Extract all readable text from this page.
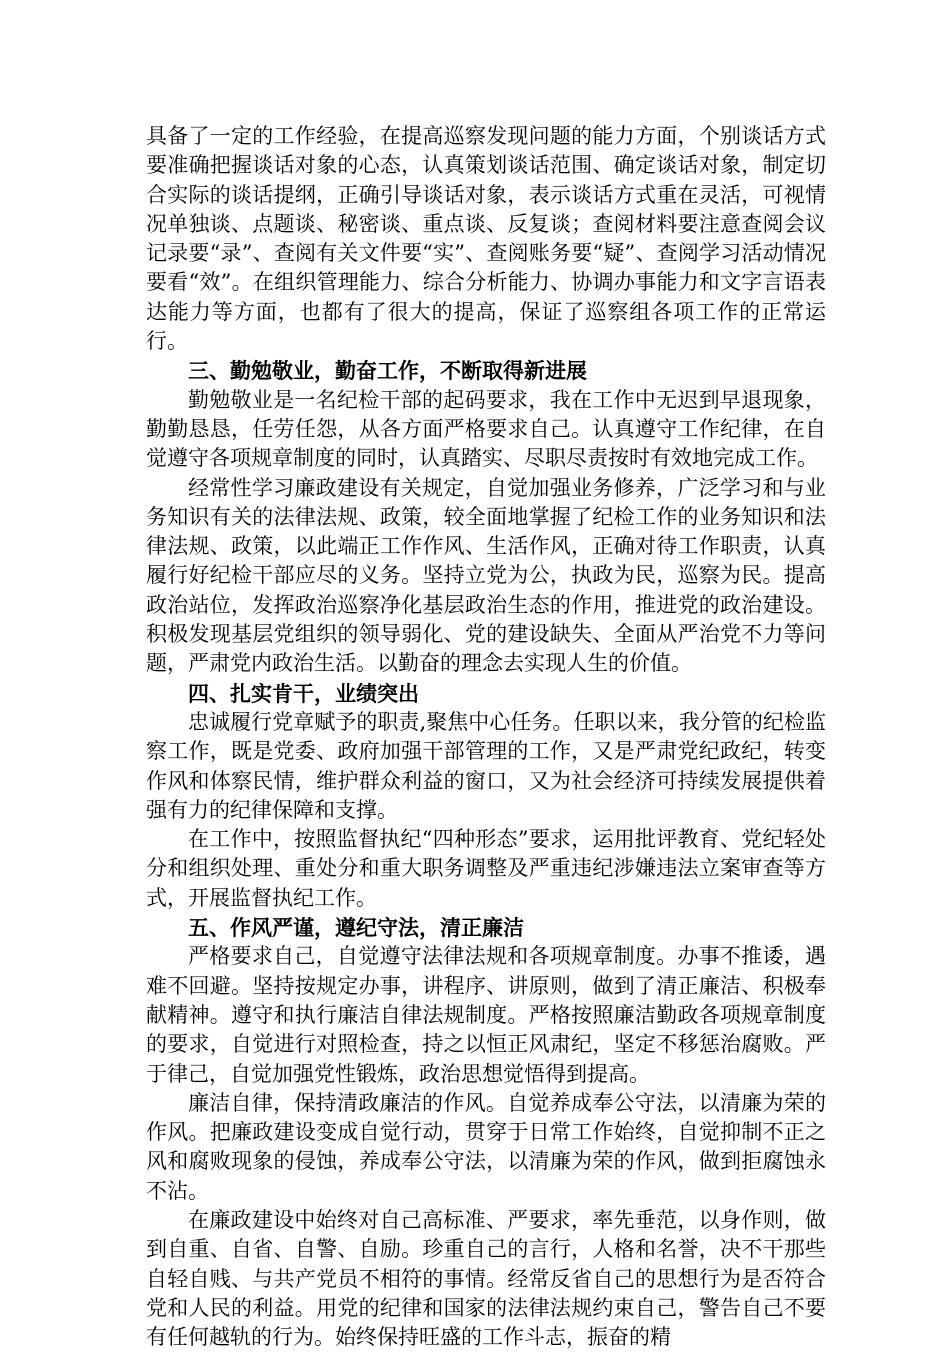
具备了一定的工作经验，在提高巡察发现问题的能力方面，个别谈话方式要准确把握谈话对象的心态，认真策划谈话范围、确定谈话对象，制定切合实际的谈话提纲，正确引导谈话对象，表示谈话方式重在灵活，可视情况单独谈、点题谈、秘密谈、重点谈、反复谈；查阅材料要注意查阅会议记录要“录”、查阅有关文件要“实”、查阅账务要“疑”、查阅学习活动情况要看“效”。在组织管理能力、综合分析能力、协调办事能力和文字言语表达能力等方面，也都有了很大的提高，保证了巡察组各项工作的正常运行。

三、勤勉敬业，勤奋工作，不断取得新进展

勤勉敬业是一名纪检干部的起码要求，我在工作中无迟到早退现象，勤勤恳恳，任劳任怨，从各方面严格要求自己。认真遵守工作纪律，在自觉遵守各项规章制度的同时，认真踏实、尽职尽责按时有效地完成工作。

经常性学习廉政建设有关规定，自觉加强业务修养，广泛学习和与业务知识有关的法律法规、政策，较全面地掌握了纪检工作的业务知识和法律法规、政策，以此端正工作作风、生活作风，正确对待工作职责，认真履行好纪检干部应尽的义务。坚持立党为公，执政为民，巡察为民。提高政治站位，发挥政治巡察净化基层政治生态的作用，推进党的政治建设。积极发现基层党组织的领导弱化、党的建设缺失、全面从严治党不力等问题，严肃党内政治生活。以勤奋的理念去实现人生的价值。

四、扎实肯干，业绩突出

忠诚履行党章赋予的职责,聚焦中心任务。任职以来，我分管的纪检监察工作，既是党委、政府加强干部管理的工作，又是严肃党纪政纪，转变作风和体察民情，维护群众利益的窗口，又为社会经济可持续发展提供着强有力的纪律保障和支撑。

在工作中，按照监督执纪“四种形态”要求，运用批评教育、党纪轻处分和组织处理、重处分和重大职务调整及严重违纪涉嫌违法立案审查等方式，开展监督执纪工作。

五、作风严谨，遵纪守法，清正廉洁

严格要求自己，自觉遵守法律法规和各项规章制度。办事不推诿，遇难不回避。坚持按规定办事，讲程序、讲原则，做到了清正廉洁、积极奉献精神。遵守和执行廉洁自律法规制度。严格按照廉洁勤政各项规章制度的要求，自觉进行对照检查，持之以恒正风肃纪，坚定不移惩治腐败。严于律己，自觉加强党性锻炼，政治思想觉悟得到提高。

廉洁自律，保持清政廉洁的作风。自觉养成奉公守法，以清廉为荣的作风。把廉政建设变成自觉行动，贯穿于日常工作始终，自觉抑制不正之风和腐败现象的侵蚀，养成奉公守法，以清廉为荣的作风，做到拒腐蚀永不沾。

在廉政建设中始终对自己高标准、严要求，率先垂范，以身作则，做到自重、自省、自警、自励。珍重自己的言行，人格和名誉，决不干那些自轻自贱、与共产党员不相符的事情。经常反省自己的思想行为是否符合党和人民的利益。用党的纪律和国家的法律法规约束自己，警告自己不要有任何越轨的行为。始终保持旺盛的工作斗志，振奋的精
